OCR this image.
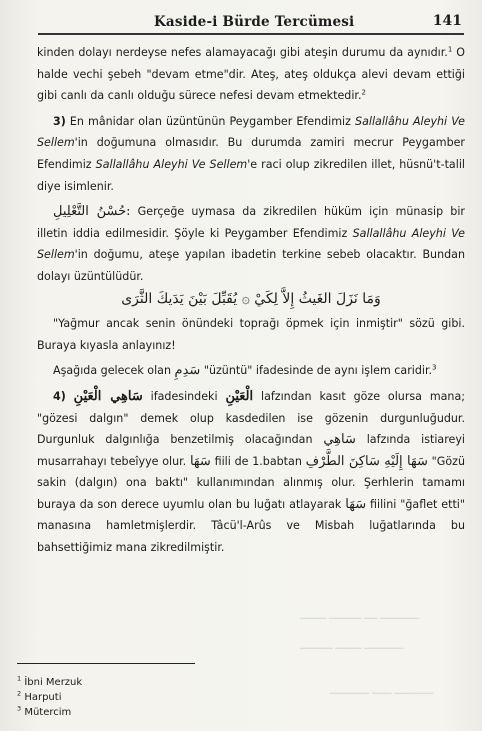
Kaside-i Bürde Tercümesi	141

kinden dolayı nerdeyse nefes alamayacağı gibi ateşin durumu da aynıdır.$^1$ O halde vechi şebeh "devam etme"dir. Ateş, ateş oldukça alevi devam ettiği gibi canlı da canlı olduğu sürece nefesi devam etmektedir.$^2$

3) En mânidar olan üzüntünün Peygamber Efendimiz Sallallâhu Aleyhi Ve Sellem'in doğumuna olmasıdır. Bu durumda zamiri mecrur Peygamber Efendimiz Sallallâhu Aleyhi Ve Sellem'e raci olup zikredilen illet, hüsnü't-talil diye isimlenir.

حُسْنُ التَّعْلِيلِ: Gerçeğe uymasa da zikredilen hüküm için münasip bir illetin iddia edilmesidir. Şöyle ki Peygamber Efendimiz Sallallâhu Aleyhi Ve Sellem'in doğumu, ateşe yapılan ibadetin terkine sebeb olacaktır. Bundan dolayı üzüntülüdür.

وَمَا نَزَلَ الغَيثُ إِلاَّ لِكَيْ ۞ يُقَبِّلَ بَيْنَ يَدَيكَ الثَّرَى

"Yağmur ancak senin önündeki toprağı öpmek için inmiştir" sözü gibi. Buraya kıyasla anlayınız!

Aşağıda gelecek olan سَدِمِ "üzüntü" ifadesinde de aynı işlem caridir.$^3$

4) سَاهِي الْعَيْنِ ifadesindeki الْعَيْنِ lafzından kasıt göze olursa mana; "gözesi dalgın" demek olup kasdedilen ise gözenin durgunluğudur. Durgunluk dalgınlığa benzetilmiş olacağından سَاهِي lafzında istiareyi musarrahayı tebeîyye olur. سَهَا fiili de 1.babtan سَهَا إِلَيْهِ سَاكِنَ الطَّرْفِ "Gözü sakin (dalgın) ona baktı" kullanımından alınmış olur. Şerhlerin tamamı buraya da son derece uyumlu olan bu luğatı atlayarak سَهَا fiilini "ğaflet etti" manasına hamletmişlerdir. Tâcü'l-Arûs ve Misbah luğatlarında bu bahsettiğimiz mana zikredilmiştir.

▁▁▁▁ ▁▁▁▁▁ ▁▁ ▁▁▁▁▁▁
▁▁▁▁▁ ▁▁▁▁ ▁▁▁▁▁▁
▁▁▁▁▁▁ ▁▁▁ ▁▁▁▁▁▁
$^1$ İbni Merzuk
$^2$ Harputi
$^3$ Mütercim
